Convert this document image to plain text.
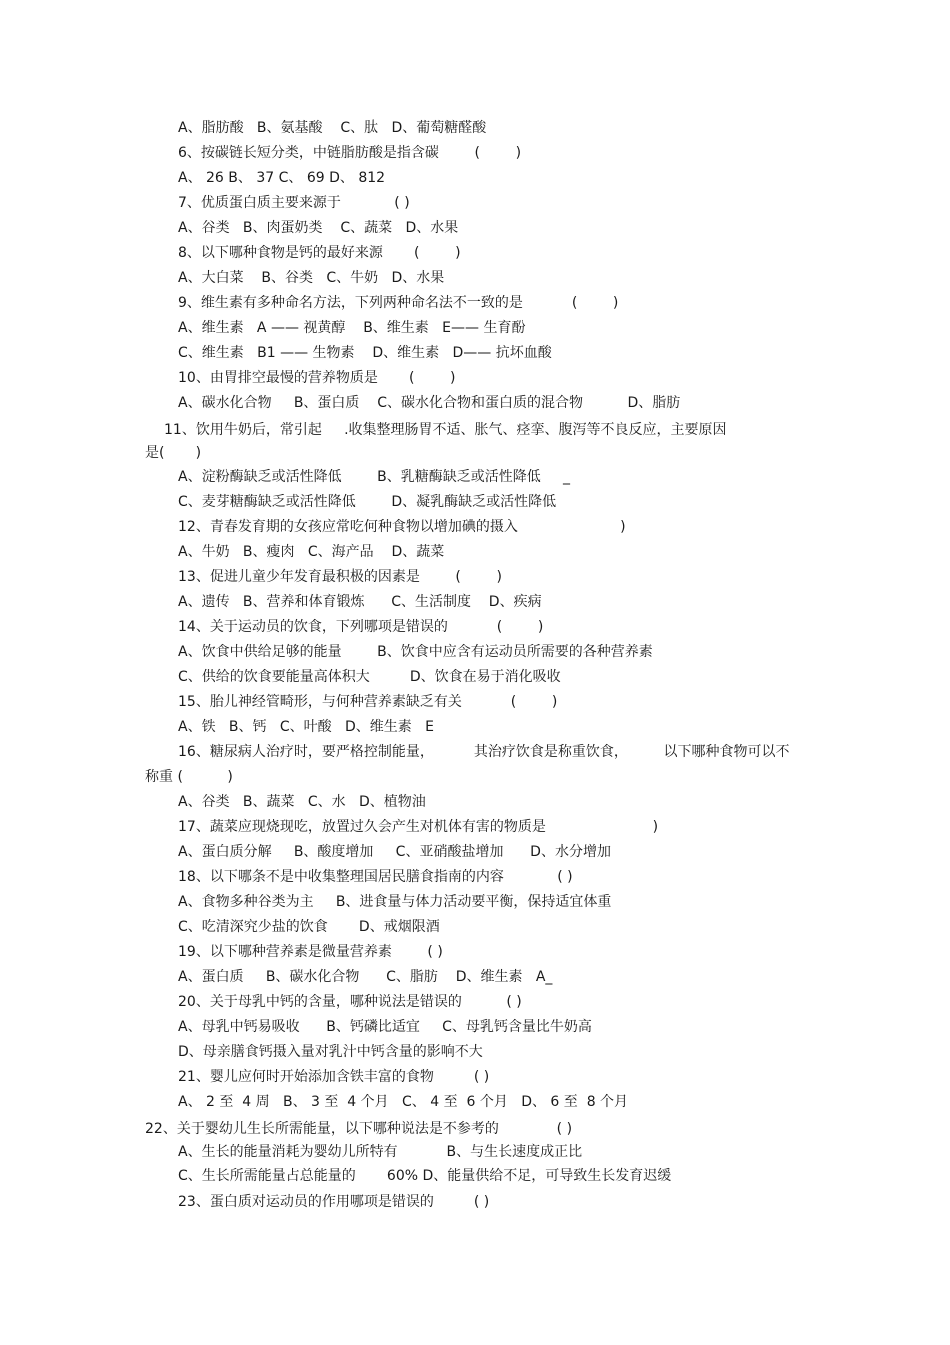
A、脂肪酸   B、氨基酸    C、肽   D、葡萄糖醛酸
6、按碳链长短分类，中链脂肪酸是指含碳        (        )
A、 26 B、 37 C、 69 D、 812
7、优质蛋白质主要来源于            ( )
A、谷类   B、肉蛋奶类    C、蔬菜   D、水果
8、以下哪种食物是钙的最好来源       (        )
A、大白菜    B、谷类   C、牛奶   D、水果
9、维生素有多种命名方法，下列两种命名法不一致的是           (        )
A、维生素   A —— 视黄醇    B、维生素   E—— 生育酚
C、维生素   B1 —— 生物素    D、维生素   D—— 抗坏血酸
10、由胃排空最慢的营养物质是       (        )
A、碳水化合物     B、蛋白质    C、碳水化合物和蛋白质的混合物          D、脂肪
11、饮用牛奶后，常引起     .收集整理肠胃不适、胀气、痉挛、腹泻等不良反应，主要原因
是(       )
A、淀粉酶缺乏或活性降低        B、乳糖酶缺乏或活性降低     _
C、麦芽糖酶缺乏或活性降低        D、凝乳酶缺乏或活性降低
12、青春发育期的女孩应常吃何种食物以增加碘的摄入                       )
A、牛奶   B、瘦肉   C、海产品    D、蔬菜
13、促进儿童少年发育最积极的因素是        (        )
A、遗传   B、营养和体育锻炼      C、生活制度    D、疾病
14、关于运动员的饮食，下列哪项是错误的           (        )
A、饮食中供给足够的能量        B、饮食中应含有运动员所需要的各种营养素
C、供给的饮食要能量高体积大         D、饮食在易于消化吸收
15、胎儿神经管畸形，与何种营养素缺乏有关           (        )
A、铁   B、钙   C、叶酸   D、维生素   E
16、糖尿病人治疗时，要严格控制能量，         其治疗饮食是称重饮食，        以下哪种食物可以不
称重 (          )
A、谷类   B、蔬菜   C、水   D、植物油
17、蔬菜应现烧现吃，放置过久会产生对机体有害的物质是                        )
A、蛋白质分解     B、酸度增加     C、亚硝酸盐增加      D、水分增加
18、以下哪条不是中收集整理国居民膳食指南的内容            ( )
A、食物多种谷类为主     B、进食量与体力活动要平衡，保持适宜体重
C、吃清深究少盐的饮食       D、戒烟限酒
19、以下哪种营养素是微量营养素        ( )
A、蛋白质     B、碳水化合物      C、脂肪    D、维生素   A_
20、关于母乳中钙的含量，哪种说法是错误的          ( )
A、母乳中钙易吸收      B、钙磷比适宜     C、母乳钙含量比牛奶高
D、母亲膳食钙摄入量对乳汁中钙含量的影响不大
21、婴儿应何时开始添加含铁丰富的食物         ( )
A、 2 至  4 周   B、 3 至  4 个月   C、 4 至  6 个月   D、 6 至  8 个月
22、关于婴幼儿生长所需能量，以下哪种说法是不参考的             ( )
A、生长的能量消耗为婴幼儿所特有           B、与生长速度成正比
C、生长所需能量占总能量的       60% D、能量供给不足，可导致生长发育迟缓
23、蛋白质对运动员的作用哪项是错误的         ( )
